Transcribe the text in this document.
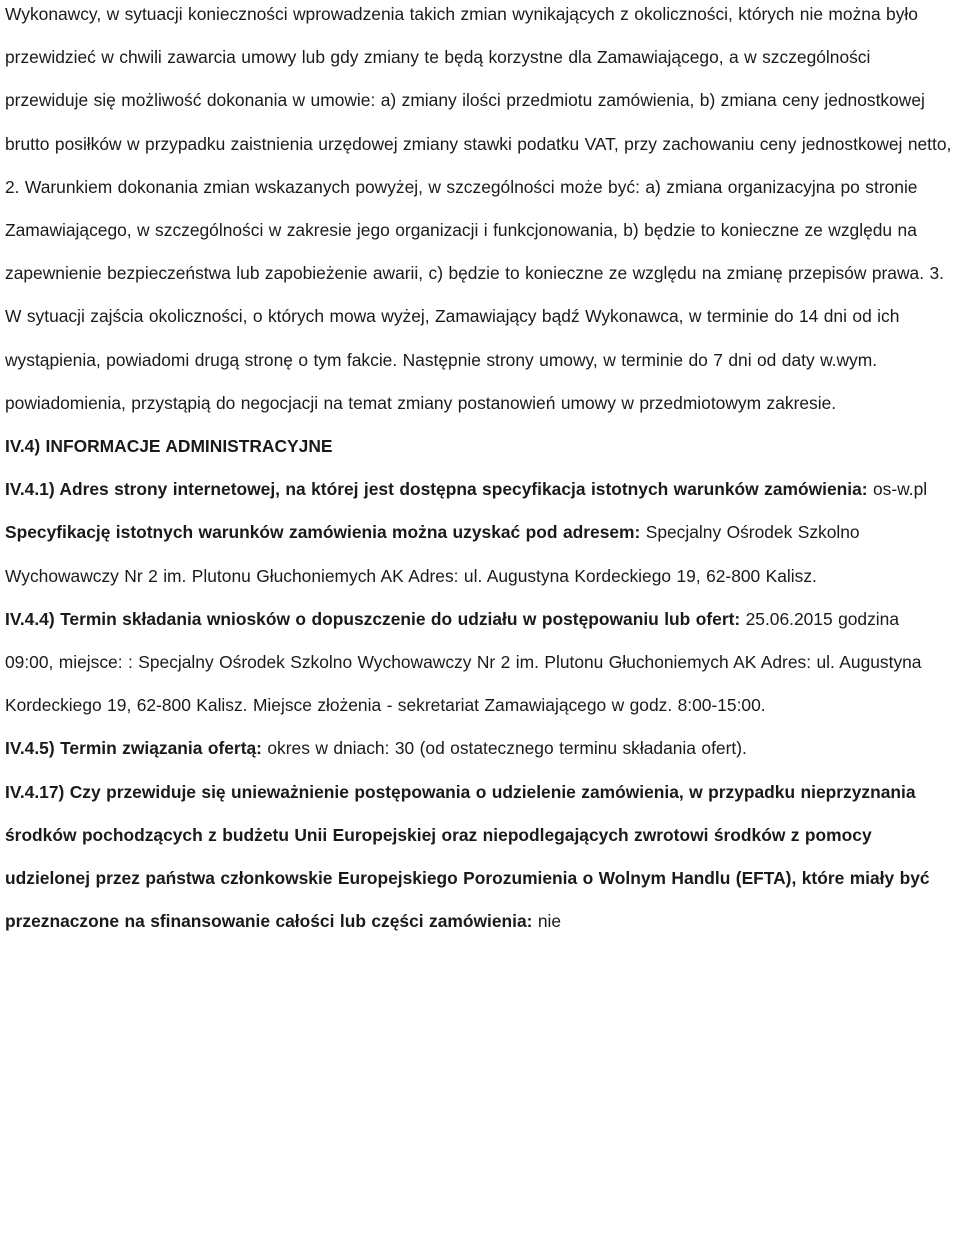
Wykonawcy, w sytuacji konieczności wprowadzenia takich zmian wynikających z okoliczności, których nie można było przewidzieć w chwili zawarcia umowy lub gdy zmiany te będą korzystne dla Zamawiającego, a w szczególności przewiduje się możliwość dokonania w umowie: a) zmiany ilości przedmiotu zamówienia, b) zmiana ceny jednostkowej brutto posiłków w przypadku zaistnienia urzędowej zmiany stawki podatku VAT, przy zachowaniu ceny jednostkowej netto, 2. Warunkiem dokonania zmian wskazanych powyżej, w szczególności może być: a) zmiana organizacyjna po stronie Zamawiającego, w szczególności w zakresie jego organizacji i funkcjonowania, b) będzie to konieczne ze względu na zapewnienie bezpieczeństwa lub zapobieżenie awarii, c) będzie to konieczne ze względu na zmianę przepisów prawa. 3. W sytuacji zajścia okoliczności, o których mowa wyżej, Zamawiający bądź Wykonawca, w terminie do 14 dni od ich wystąpienia, powiadomi drugą stronę o tym fakcie. Następnie strony umowy, w terminie do 7 dni od daty w.wym. powiadomienia, przystąpią do negocjacji na temat zmiany postanowień umowy w przedmiotowym zakresie.

IV.4) INFORMACJE ADMINISTRACYJNE

IV.4.1) Adres strony internetowej, na której jest dostępna specyfikacja istotnych warunków zamówienia: os-w.pl

Specyfikację istotnych warunków zamówienia można uzyskać pod adresem: Specjalny Ośrodek Szkolno Wychowawczy Nr 2 im. Plutonu Głuchoniemych AK Adres: ul. Augustyna Kordeckiego 19, 62-800 Kalisz.

IV.4.4) Termin składania wniosków o dopuszczenie do udziału w postępowaniu lub ofert: 25.06.2015 godzina 09:00, miejsce: : Specjalny Ośrodek Szkolno Wychowawczy Nr 2 im. Plutonu Głuchoniemych AK Adres: ul. Augustyna Kordeckiego 19, 62-800 Kalisz. Miejsce złożenia - sekretariat Zamawiającego w godz. 8:00-15:00.

IV.4.5) Termin związania ofertą: okres w dniach: 30 (od ostatecznego terminu składania ofert).

IV.4.17) Czy przewiduje się unieważnienie postępowania o udzielenie zamówienia, w przypadku nieprzyznania środków pochodzących z budżetu Unii Europejskiej oraz niepodlegających zwrotowi środków z pomocy udzielonej przez państwa członkowskie Europejskiego Porozumienia o Wolnym Handlu (EFTA), które miały być przeznaczone na sfinansowanie całości lub części zamówienia: nie
